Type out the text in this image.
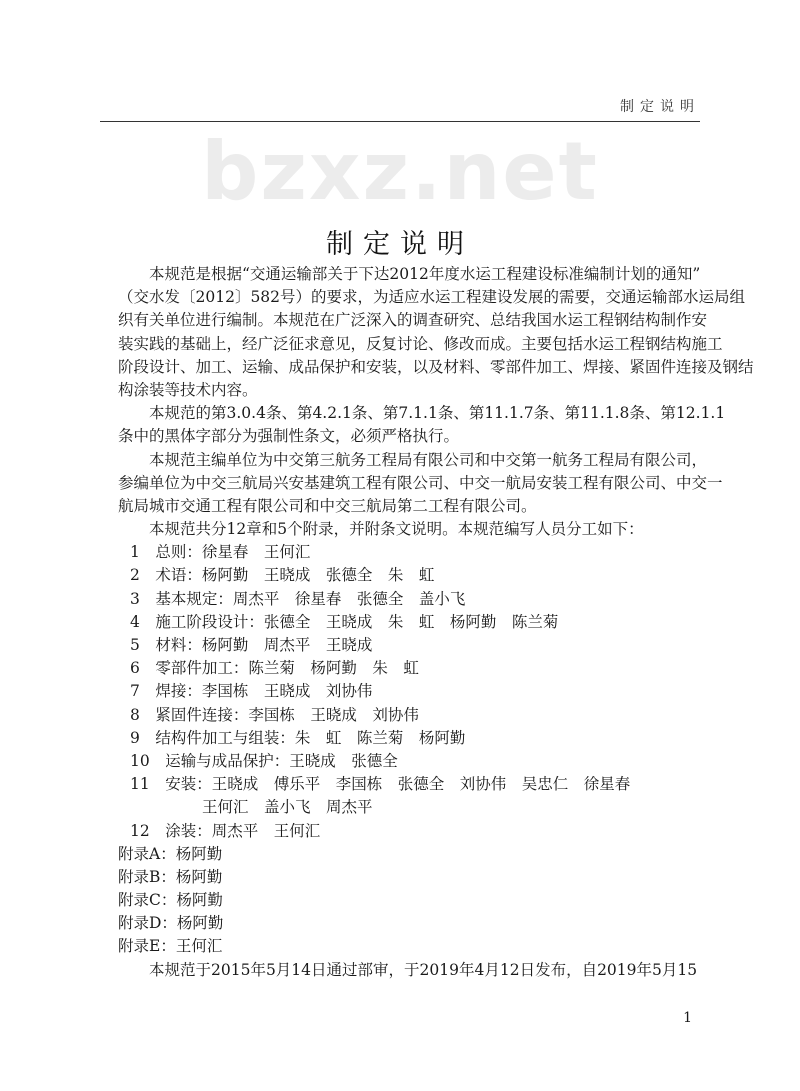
制定说明
bzxz.net
制定说明
　　本规范是根据“交通运输部关于下达2012年度水运工程建设标准编制计划的通知”
（交水发〔2012〕582号）的要求，为适应水运工程建设发展的需要，交通运输部水运局组
织有关单位进行编制。本规范在广泛深入的调查研究、总结我国水运工程钢结构制作安
装实践的基础上，经广泛征求意见，反复讨论、修改而成。主要包括水运工程钢结构施工
阶段设计、加工、运输、成品保护和安装，以及材料、零部件加工、焊接、紧固件连接及钢结
构涂装等技术内容。
　　本规范的第3.0.4条、第4.2.1条、第7.1.1条、第11.1.7条、第11.1.8条、第12.1.1
条中的黑体字部分为强制性条文，必须严格执行。
　　本规范主编单位为中交第三航务工程局有限公司和中交第一航务工程局有限公司，
参编单位为中交三航局兴安基建筑工程有限公司、中交一航局安装工程有限公司、中交一
航局城市交通工程有限公司和中交三航局第二工程有限公司。
　　本规范共分12章和5个附录，并附条文说明。本规范编写人员分工如下：
1　总则：徐星春　王何汇
2　术语：杨阿勤　王晓成　张德全　朱　虹
3　基本规定：周杰平　徐星春　张德全　盖小飞
4　施工阶段设计：张德全　王晓成　朱　虹　杨阿勤　陈兰菊
5　材料：杨阿勤　周杰平　王晓成
6　零部件加工：陈兰菊　杨阿勤　朱　虹
7　焊接：李国栋　王晓成　刘协伟
8　紧固件连接：李国栋　王晓成　刘协伟
9　结构件加工与组装：朱　虹　陈兰菊　杨阿勤
10　运输与成品保护：王晓成　张德全
11　安装：王晓成　傅乐平　李国栋　张德全　刘协伟　吴忠仁　徐星春
王何汇　盖小飞　周杰平
12　涂装：周杰平　王何汇
附录A：杨阿勤
附录B：杨阿勤
附录C：杨阿勤
附录D：杨阿勤
附录E：王何汇
　　本规范于2015年5月14日通过部审，于2019年4月12日发布，自2019年5月15
1
